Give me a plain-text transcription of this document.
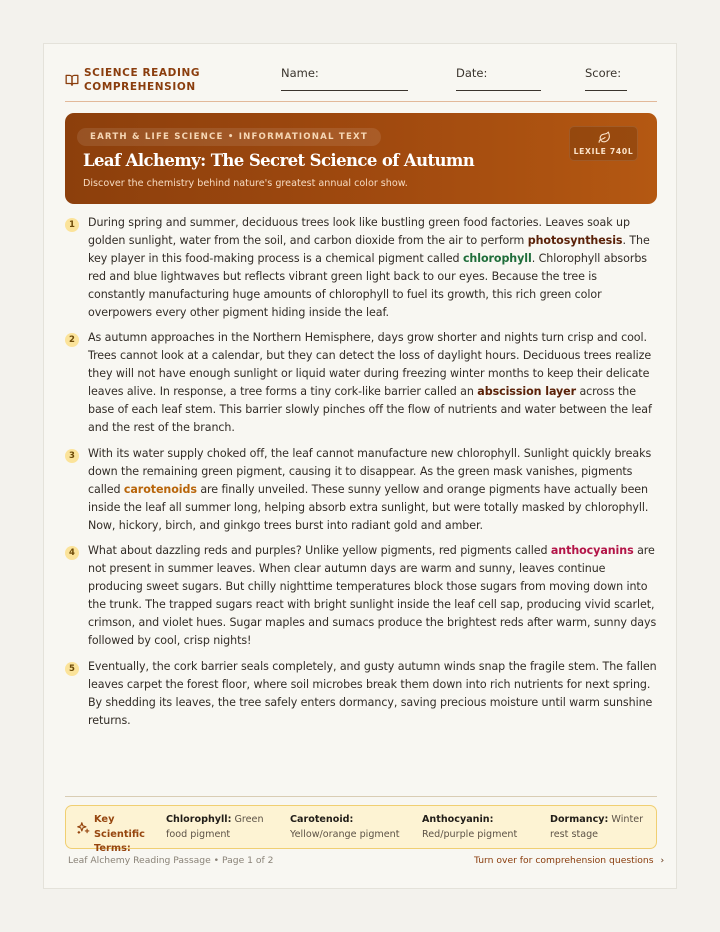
SCIENCE READING
COMPREHENSION
Name:	Date:	Score:
EARTH & LIFE SCIENCE • INFORMATIONAL TEXT
Leaf Alchemy: The Secret Science of Autumn
Discover the chemistry behind nature's greatest annual color show.
LEXILE 740L
1	During spring and summer, deciduous trees look like bustling green food factories. Leaves soak up golden sunlight, water from the soil, and carbon dioxide from the air to perform photosynthesis. The key player in this food-making process is a chemical pigment called chlorophyll. Chlorophyll absorbs red and blue lightwaves but reflects vibrant green light back to our eyes. Because the tree is constantly manufacturing huge amounts of chlorophyll to fuel its growth, this rich green color overpowers every other pigment hiding inside the leaf.

2	As autumn approaches in the Northern Hemisphere, days grow shorter and nights turn crisp and cool. Trees cannot look at a calendar, but they can detect the loss of daylight hours. Deciduous trees realize they will not have enough sunlight or liquid water during freezing winter months to keep their delicate leaves alive. In response, a tree forms a tiny cork-like barrier called an abscission layer across the base of each leaf stem. This barrier slowly pinches off the flow of nutrients and water between the leaf and the rest of the branch.

3	With its water supply choked off, the leaf cannot manufacture new chlorophyll. Sunlight quickly breaks down the remaining green pigment, causing it to disappear. As the green mask vanishes, pigments called carotenoids are finally unveiled. These sunny yellow and orange pigments have actually been inside the leaf all summer long, helping absorb extra sunlight, but were totally masked by chlorophyll. Now, hickory, birch, and ginkgo trees burst into radiant gold and amber.

4	What about dazzling reds and purples? Unlike yellow pigments, red pigments called anthocyanins are not present in summer leaves. When clear autumn days are warm and sunny, leaves continue producing sweet sugars. But chilly nighttime temperatures block those sugars from moving down into the trunk. The trapped sugars react with bright sunlight inside the leaf cell sap, producing vivid scarlet, crimson, and violet hues. Sugar maples and sumacs produce the brightest reds after warm, sunny days followed by cool, crisp nights!

5	Eventually, the cork barrier seals completely, and gusty autumn winds snap the fragile stem. The fallen leaves carpet the forest floor, where soil microbes break them down into rich nutrients for next spring. By shedding its leaves, the tree safely enters dormancy, saving precious moisture until warm sunshine returns.

Key Scientific Terms:
Chlorophyll: Green food pigment
Carotenoid:
Yellow/orange pigment
Anthocyanin: Red/purple pigment
Dormancy: Winter rest stage
Leaf Alchemy Reading Passage • Page 1 of 2	Turn over for comprehension questions ›
